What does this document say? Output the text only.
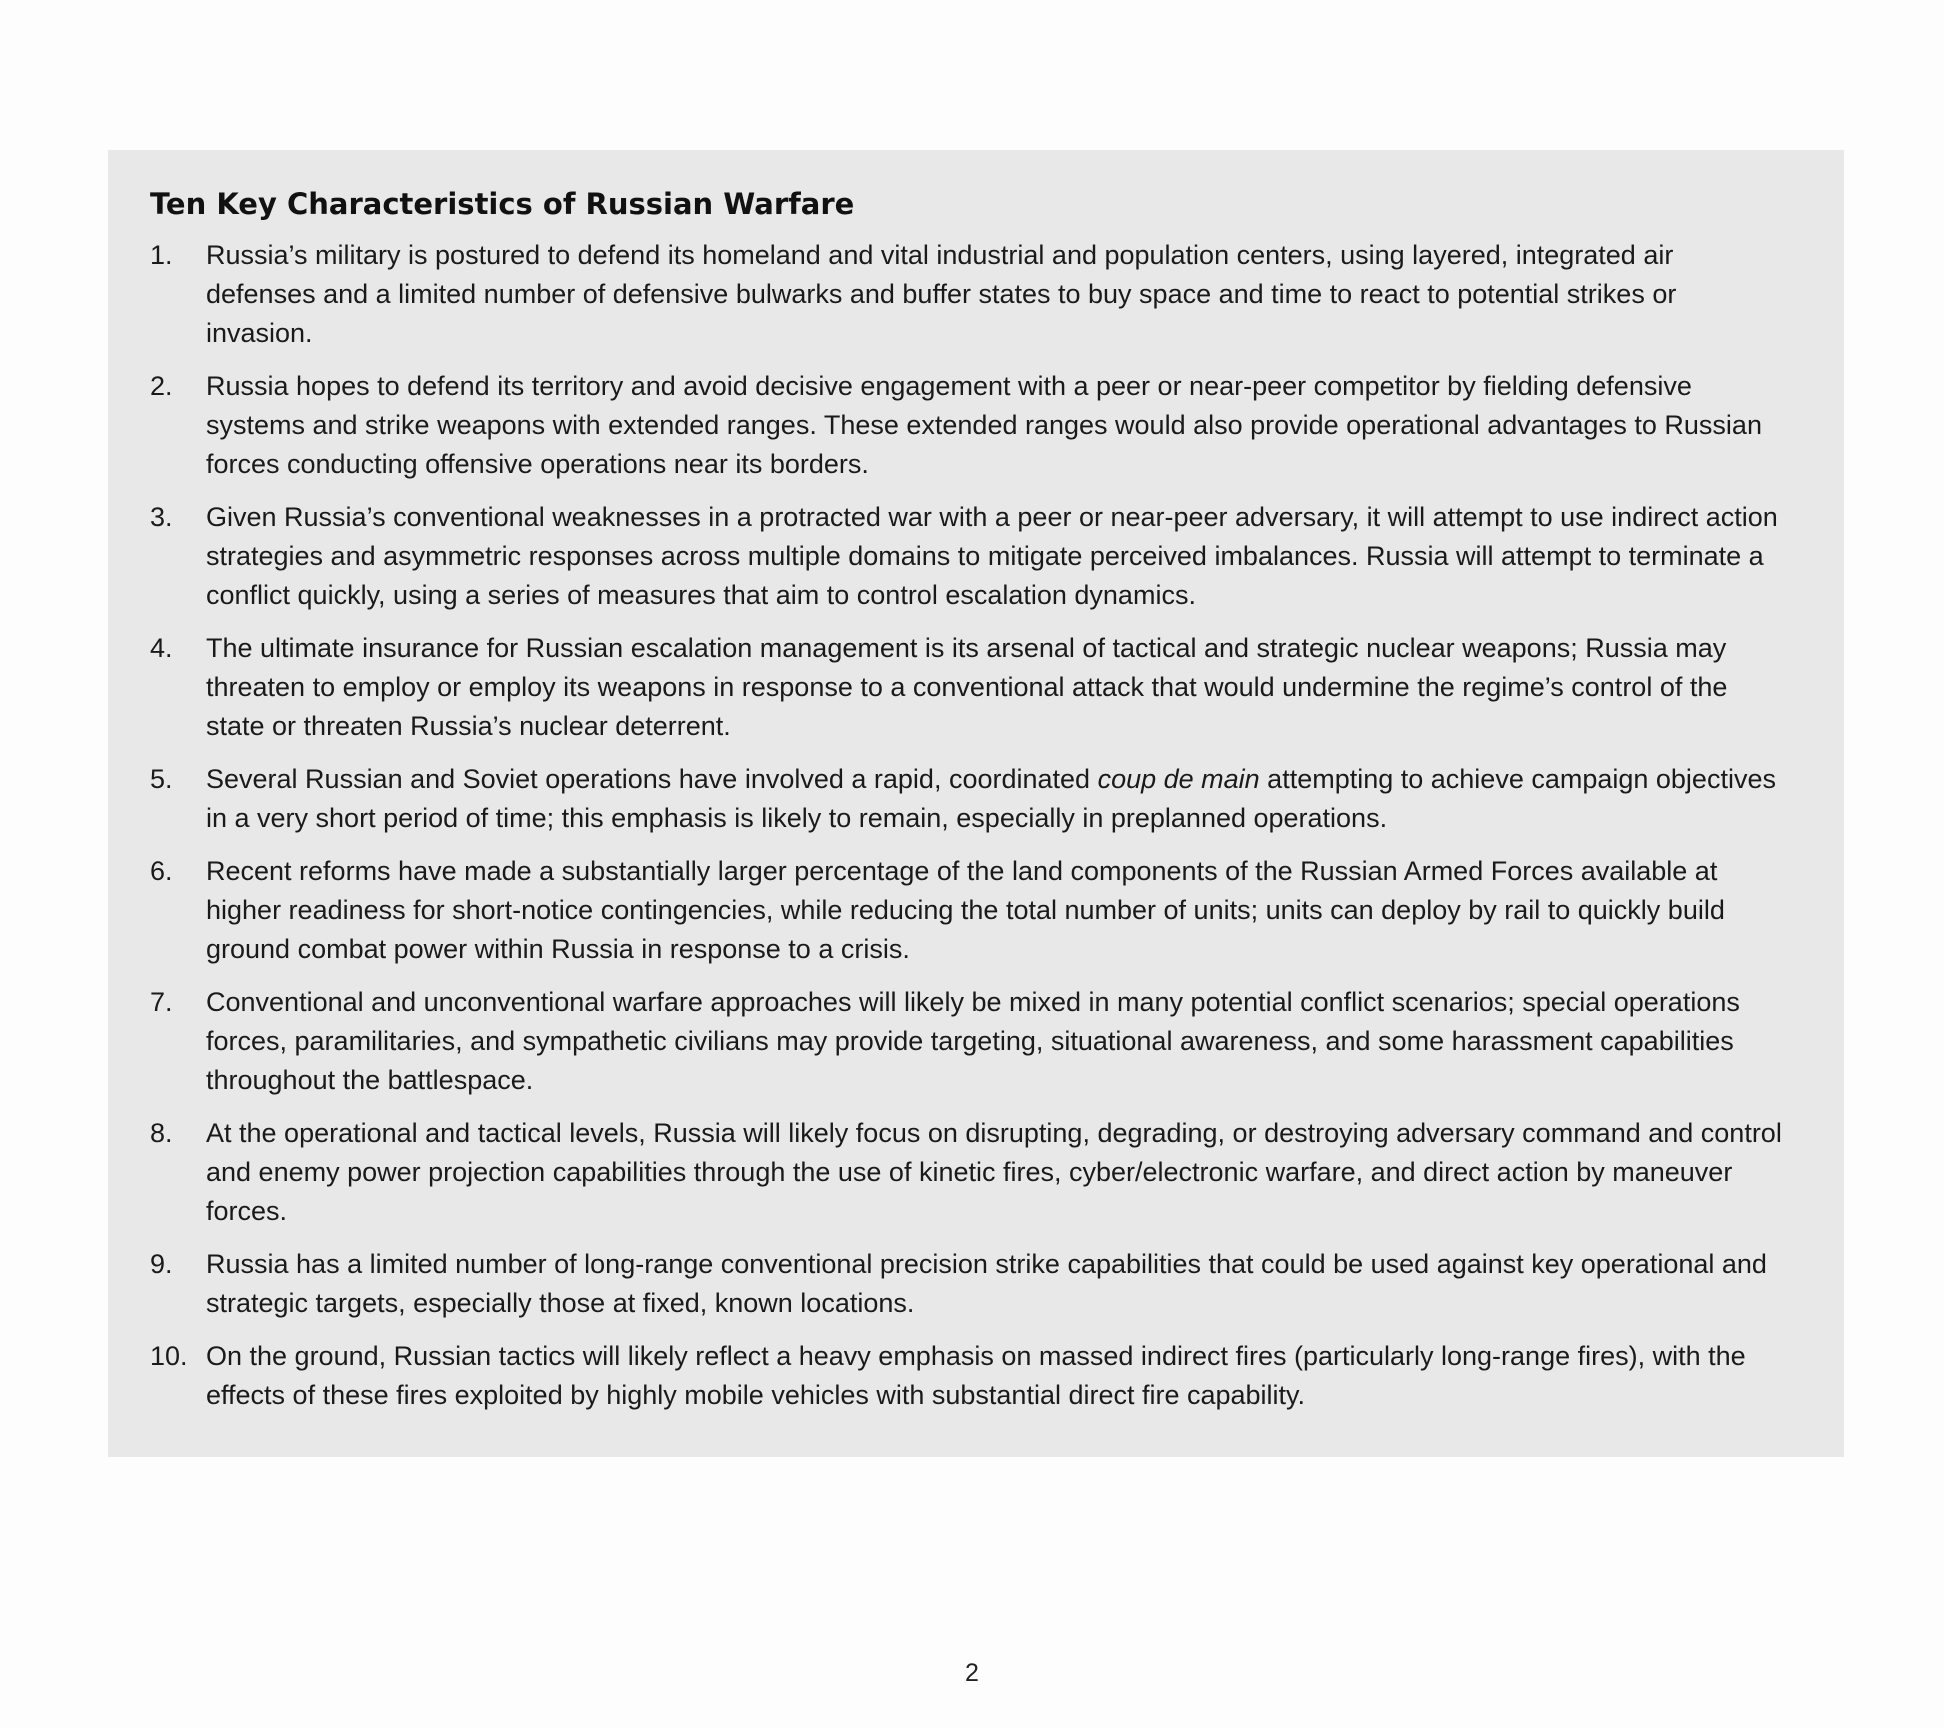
Ten Key Characteristics of Russian Warfare
1.	Russia’s military is postured to defend its homeland and vital industrial and population centers, using layered, integrated air defenses and a limited number of defensive bulwarks and buffer states to buy space and time to react to potential strikes or invasion.
2.	Russia hopes to defend its territory and avoid decisive engagement with a peer or near-peer competitor by fielding defensive systems and strike weapons with extended ranges. These extended ranges would also provide operational advantages to Russian forces conducting offensive operations near its borders.
3.	Given Russia’s conventional weaknesses in a protracted war with a peer or near-peer adversary, it will attempt to use indirect action strategies and asymmetric responses across multiple domains to mitigate perceived imbalances. Russia will attempt to terminate a conflict quickly, using a series of measures that aim to control escalation dynamics.
4.	The ultimate insurance for Russian escalation management is its arsenal of tactical and strategic nuclear weapons; Russia may threaten to employ or employ its weapons in response to a conventional attack that would undermine the regime’s control of the state or threaten Russia’s nuclear deterrent.
5.	Several Russian and Soviet operations have involved a rapid, coordinated coup de main attempting to achieve campaign objectives in a very short period of time; this emphasis is likely to remain, especially in preplanned operations.
6.	Recent reforms have made a substantially larger percentage of the land components of the Russian Armed Forces available at higher readiness for short-notice contingencies, while reducing the total number of units; units can deploy by rail to quickly build ground combat power within Russia in response to a crisis.
7.	Conventional and unconventional warfare approaches will likely be mixed in many potential conflict scenarios; special operations forces, paramilitaries, and sympathetic civilians may provide targeting, situational awareness, and some harassment capabilities throughout the battlespace.
8.	At the operational and tactical levels, Russia will likely focus on disrupting, degrading, or destroying adversary command and control and enemy power projection capabilities through the use of kinetic fires, cyber/electronic warfare, and direct action by maneuver forces.
9.	Russia has a limited number of long-range conventional precision strike capabilities that could be used against key operational and strategic targets, especially those at fixed, known locations.
10. On the ground, Russian tactics will likely reflect a heavy emphasis on massed indirect fires (particularly long-range fires), with the effects of these fires exploited by highly mobile vehicles with substantial direct fire capability.
2
